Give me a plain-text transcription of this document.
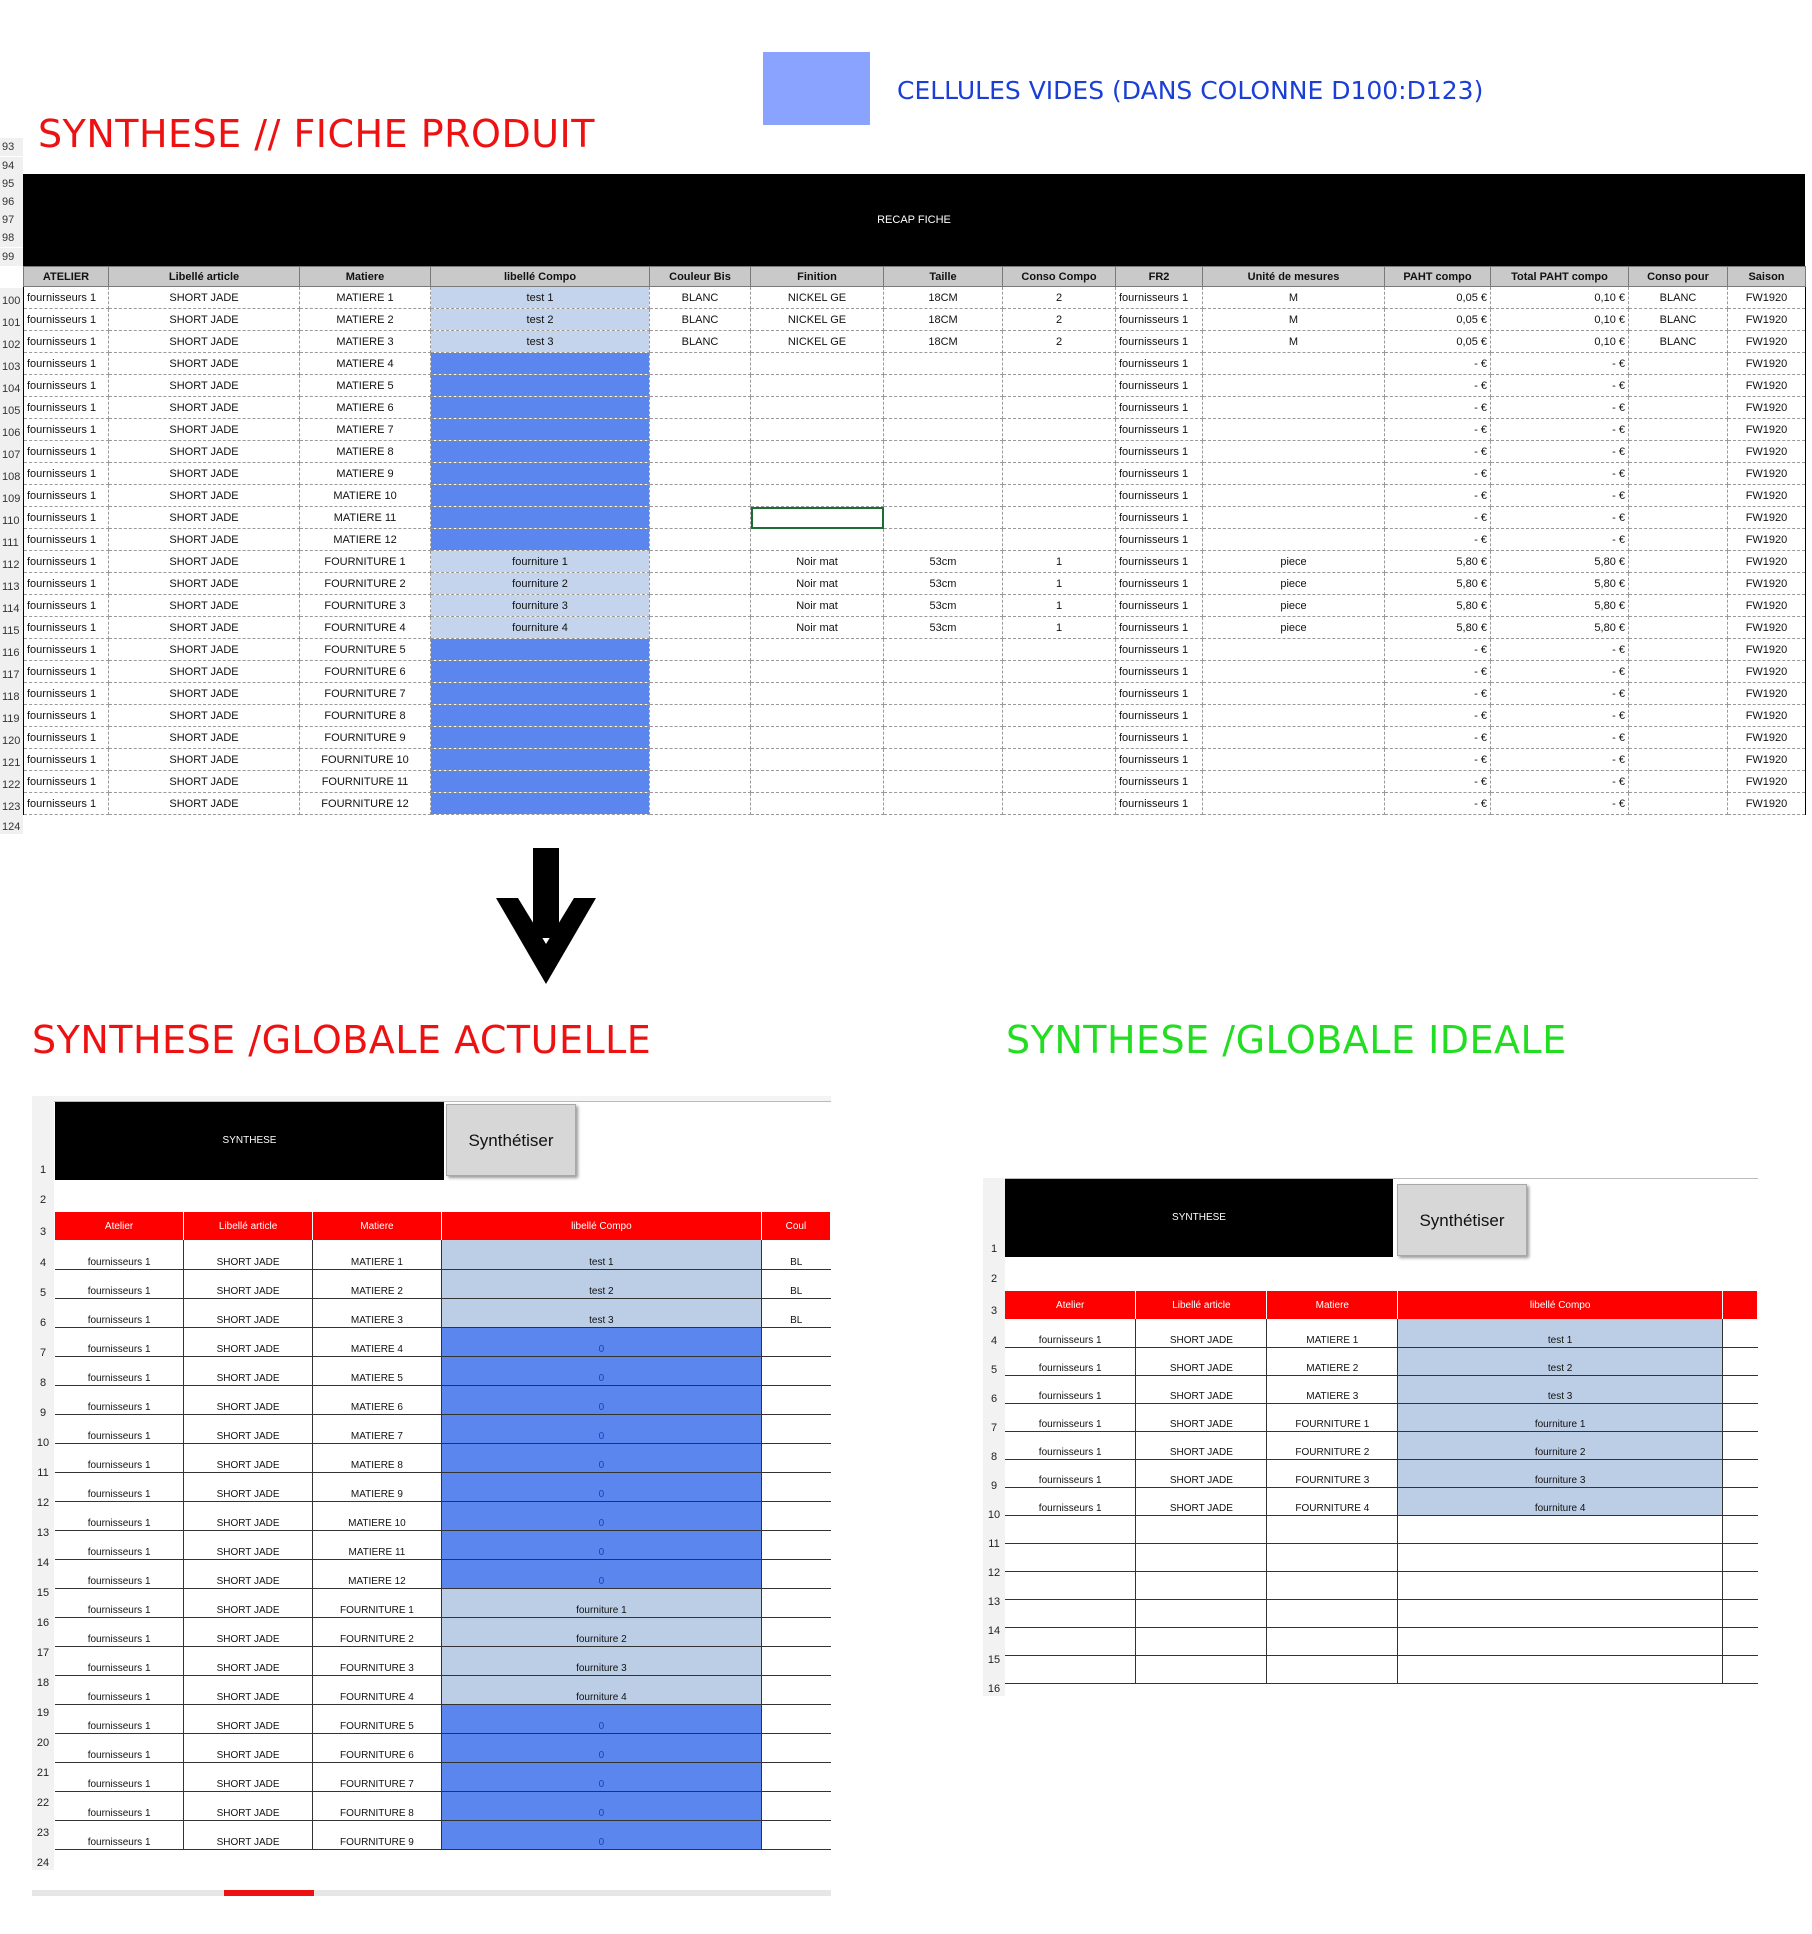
CELLULES VIDES (DANS COLONNE D100:D123)
SYNTHESE // FICHE PRODUIT
93
94
95
96
97
98
99
100
101
102
103
104
105
106
107
108
109
110
111
112
113
114
115
116
117
118
119
120
121
122
123
124
RECAP FICHE
ATELIER	Libellé article	Matiere	libellé Compo	Couleur Bis	Finition	Taille	Conso Compo	FR2	Unité de mesures	PAHT compo	Total PAHT compo	Conso pour	Saison
fournisseurs 1	SHORT JADE	MATIERE 1	test 1	BLANC	NICKEL GE	18CM	2	fournisseurs 1	M	0,05 €	0,10 €	BLANC	FW1920
fournisseurs 1	SHORT JADE	MATIERE 2	test 2	BLANC	NICKEL GE	18CM	2	fournisseurs 1	M	0,05 €	0,10 €	BLANC	FW1920
fournisseurs 1	SHORT JADE	MATIERE 3	test 3	BLANC	NICKEL GE	18CM	2	fournisseurs 1	M	0,05 €	0,10 €	BLANC	FW1920
fournisseurs 1	SHORT JADE	MATIERE 4						fournisseurs 1		- €	- €		FW1920
fournisseurs 1	SHORT JADE	MATIERE 5						fournisseurs 1		- €	- €		FW1920
fournisseurs 1	SHORT JADE	MATIERE 6						fournisseurs 1		- €	- €		FW1920
fournisseurs 1	SHORT JADE	MATIERE 7						fournisseurs 1		- €	- €		FW1920
fournisseurs 1	SHORT JADE	MATIERE 8						fournisseurs 1		- €	- €		FW1920
fournisseurs 1	SHORT JADE	MATIERE 9						fournisseurs 1		- €	- €		FW1920
fournisseurs 1	SHORT JADE	MATIERE 10						fournisseurs 1		- €	- €		FW1920
fournisseurs 1	SHORT JADE	MATIERE 11						fournisseurs 1		- €	- €		FW1920
fournisseurs 1	SHORT JADE	MATIERE 12						fournisseurs 1		- €	- €		FW1920
fournisseurs 1	SHORT JADE	FOURNITURE 1	fourniture 1		Noir mat	53cm	1	fournisseurs 1	piece	5,80 €	5,80 €		FW1920
fournisseurs 1	SHORT JADE	FOURNITURE 2	fourniture 2		Noir mat	53cm	1	fournisseurs 1	piece	5,80 €	5,80 €		FW1920
fournisseurs 1	SHORT JADE	FOURNITURE 3	fourniture 3		Noir mat	53cm	1	fournisseurs 1	piece	5,80 €	5,80 €		FW1920
fournisseurs 1	SHORT JADE	FOURNITURE 4	fourniture 4		Noir mat	53cm	1	fournisseurs 1	piece	5,80 €	5,80 €		FW1920
fournisseurs 1	SHORT JADE	FOURNITURE 5						fournisseurs 1		- €	- €		FW1920
fournisseurs 1	SHORT JADE	FOURNITURE 6						fournisseurs 1		- €	- €		FW1920
fournisseurs 1	SHORT JADE	FOURNITURE 7						fournisseurs 1		- €	- €		FW1920
fournisseurs 1	SHORT JADE	FOURNITURE 8						fournisseurs 1		- €	- €		FW1920
fournisseurs 1	SHORT JADE	FOURNITURE 9						fournisseurs 1		- €	- €		FW1920
fournisseurs 1	SHORT JADE	FOURNITURE 10						fournisseurs 1		- €	- €		FW1920
fournisseurs 1	SHORT JADE	FOURNITURE 11						fournisseurs 1		- €	- €		FW1920
fournisseurs 1	SHORT JADE	FOURNITURE 12						fournisseurs 1		- €	- €		FW1920
SYNTHESE /GLOBALE ACTUELLE	SYNTHESE /GLOBALE IDEALE
SYNTHESE	Synthétiser
1
2
3
4
5
6
7
8
9
10
11
12
13
14
15
16
17
18
19
20
21
22
23
24
Atelier	Libellé article	Matiere	libellé Compo	Coul
fournisseurs 1	SHORT JADE	MATIERE 1	test 1	BL
fournisseurs 1	SHORT JADE	MATIERE 2	test 2	BL
fournisseurs 1	SHORT JADE	MATIERE 3	test 3	BL
fournisseurs 1	SHORT JADE	MATIERE 4	0	
fournisseurs 1	SHORT JADE	MATIERE 5	0	
fournisseurs 1	SHORT JADE	MATIERE 6	0	
fournisseurs 1	SHORT JADE	MATIERE 7	0	
fournisseurs 1	SHORT JADE	MATIERE 8	0	
fournisseurs 1	SHORT JADE	MATIERE 9	0	
fournisseurs 1	SHORT JADE	MATIERE 10	0	
fournisseurs 1	SHORT JADE	MATIERE 11	0	
fournisseurs 1	SHORT JADE	MATIERE 12	0	
fournisseurs 1	SHORT JADE	FOURNITURE 1	fourniture 1	
fournisseurs 1	SHORT JADE	FOURNITURE 2	fourniture 2	
fournisseurs 1	SHORT JADE	FOURNITURE 3	fourniture 3	
fournisseurs 1	SHORT JADE	FOURNITURE 4	fourniture 4	
fournisseurs 1	SHORT JADE	FOURNITURE 5	0	
fournisseurs 1	SHORT JADE	FOURNITURE 6	0	
fournisseurs 1	SHORT JADE	FOURNITURE 7	0	
fournisseurs 1	SHORT JADE	FOURNITURE 8	0	
fournisseurs 1	SHORT JADE	FOURNITURE 9	0	
SYNTHESE	Synthétiser
1
2
3
4
5
6
7
8
9
10
11
12
13
14
15
16
Atelier	Libellé article	Matiere	libellé Compo	
fournisseurs 1	SHORT JADE	MATIERE 1	test 1	
fournisseurs 1	SHORT JADE	MATIERE 2	test 2	
fournisseurs 1	SHORT JADE	MATIERE 3	test 3	
fournisseurs 1	SHORT JADE	FOURNITURE 1	fourniture 1	
fournisseurs 1	SHORT JADE	FOURNITURE 2	fourniture 2	
fournisseurs 1	SHORT JADE	FOURNITURE 3	fourniture 3	
fournisseurs 1	SHORT JADE	FOURNITURE 4	fourniture 4	
